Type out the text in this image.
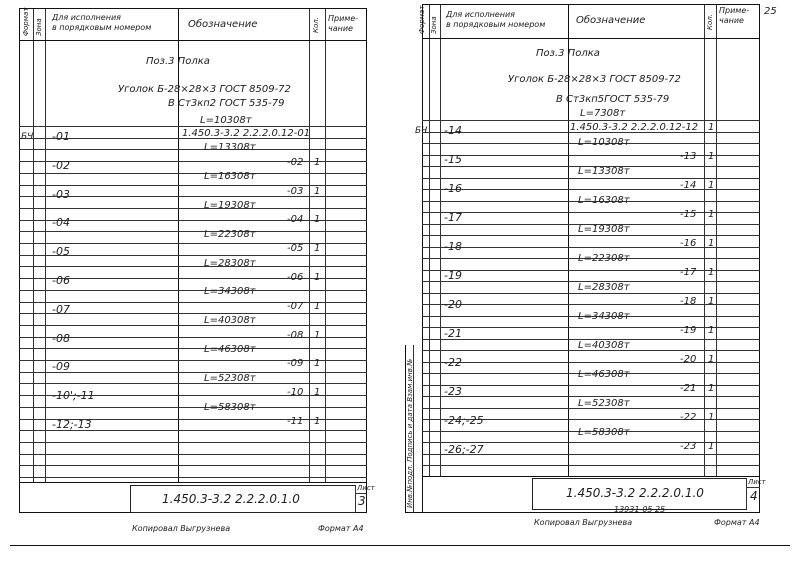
Формат Зона
Для исполнения
в порядковым номером	Обозначение	Кол. Приме-
чание
Поз.3 Полка
Уголок Б-28×28×3 ГОСТ 8509-72
В Ст3кп2 ГОСТ 535-79
L=10308т
БЧ -01	1.450.3-3.2 2.2.2.0.12-01
L=13308т
-02	-02 1
L=16308т
-03	-03 1
L=19308т
-04	-04 1
L=22308т
-05	-05 1
L=28308т
-06	-06 1
L=34308т
-07	-07 1
L=40308т
-08	-08 1
L=46308т
-09	-09 1
L=52308т
-10';-11	-10 1
L=58308т
-12;-13	-11 1
1.450.3-3.2 2.2.2.0.1.0
Лист
3
Копировал Выгрузнева	Формат А4
25
Формат Зона
Для исполнения
в порядковым номером	Обозначение	Кол.
Приме-
чание
Поз.3 Полка
Уголок Б-28×28×3 ГОСТ 8509-72
В Ст3кп5ГОСТ 535-79
L=7308т
БЧ -14	1.450.3-3.2 2.2.2.0.12-12 1
L=10308т
-15	-13 1
L=13308т
-16	-14 1
L=16308т
-17	-15 1
L=19308т
-18	-16 1
L=22308т
-19	-17 1
L=28308т
-20	-18 1
L=34308т
-21	-19 1
L=40308т
-22	-20 1
L=46308т
-23	-21 1
L=52308т
-24;-25	-22 1
L=58308т
-26;-27	-23 1
Инв.№подл. Подпись и дата Взам.инв.№	1.450.3-3.2 2.2.2.0.1.0
Лист
4
13931-05 25
Копировал Выгрузнева	Формат А4
